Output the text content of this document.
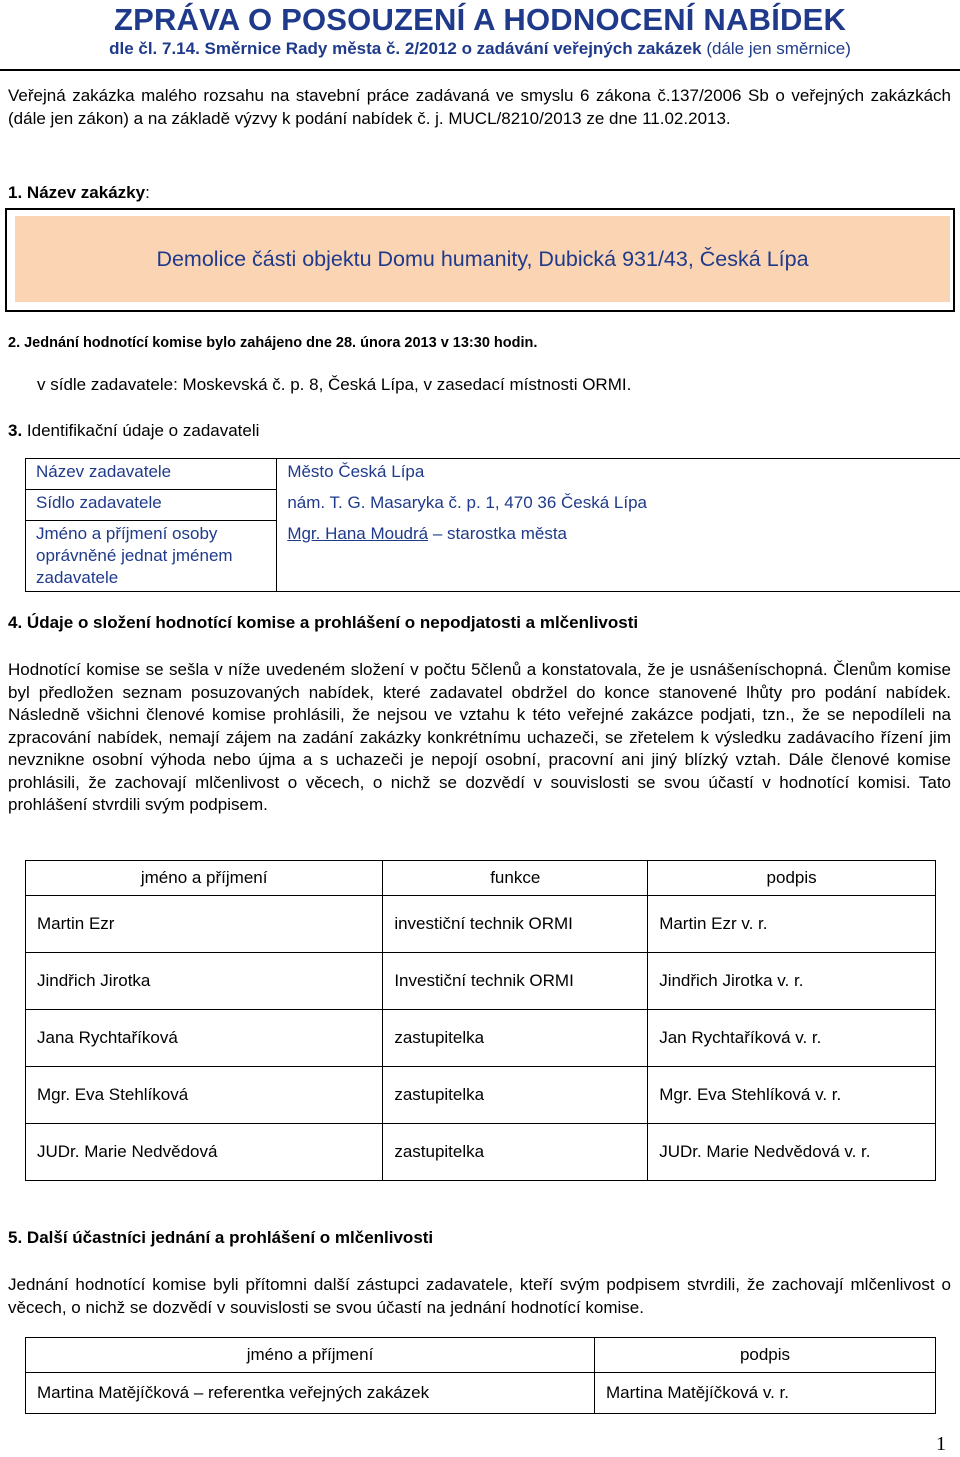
ZPRÁVA O POSOUZENÍ A HODNOCENÍ NABÍDEK
dle čl. 7.14. Směrnice Rady města č. 2/2012 o zadávání veřejných zakázek (dále jen směrnice)
Veřejná zakázka malého rozsahu na stavební práce zadávaná ve smyslu 6 zákona č.137/2006 Sb o veřejných zakázkách (dále jen zákon) a na základě výzvy k podání nabídek č. j. MUCL/8210/2013 ze dne 11.02.2013.
1. Název zakázky:
Demolice části objektu Domu humanity, Dubická 931/43, Česká Lípa
2. Jednání hodnotící komise bylo zahájeno dne 28. února 2013 v 13:30 hodin.
v sídle zadavatele: Moskevská č. p. 8, Česká Lípa, v zasedací místnosti ORMI.
3. Identifikační údaje o zadavateli
Název zadavatele	Město Česká Lípa
Sídlo zadavatele	nám. T. G. Masaryka č. p. 1, 470 36 Česká Lípa
Jméno a příjmení osoby oprávněné jednat jménem zadavatele	Mgr. Hana Moudrá – starostka města
4. Údaje o složení hodnotící komise a prohlášení o nepodjatosti a mlčenlivosti
Hodnotící komise se sešla v níže uvedeném složení v počtu 5členů a konstatovala, že je usnášeníschopná. Členům komise byl předložen seznam posuzovaných nabídek, které zadavatel obdržel do konce stanovené lhůty pro podání nabídek. Následně všichni členové komise prohlásili, že nejsou ve vztahu k této veřejné zakázce podjati, tzn., že se nepodíleli na zpracování nabídek, nemají zájem na zadání zakázky konkrétnímu uchazeči, se zřetelem k výsledku zadávacího řízení jim nevznikne osobní výhoda nebo újma a s uchazeči je nepojí osobní, pracovní ani jiný blízký vztah. Dále členové komise prohlásili, že zachovají mlčenlivost o věcech, o nichž se dozvědí v souvislosti se svou účastí v hodnotící komisi. Tato prohlášení stvrdili svým podpisem.
jméno a příjmení	funkce	podpis
Martin Ezr	investiční technik ORMI	Martin Ezr v. r.
Jindřich Jirotka	Investiční technik ORMI	Jindřich Jirotka v. r.
Jana Rychtaříková	zastupitelka	Jan Rychtaříková v. r.
Mgr. Eva Stehlíková	zastupitelka	Mgr. Eva Stehlíková v. r.
JUDr. Marie Nedvědová	zastupitelka	JUDr. Marie Nedvědová v. r.
5. Další účastníci jednání a prohlášení o mlčenlivosti
Jednání hodnotící komise byli přítomni další zástupci zadavatele, kteří svým podpisem stvrdili, že zachovají mlčenlivost o věcech, o nichž se dozvědí v souvislosti se svou účastí na jednání hodnotící komise.
jméno a příjmení	podpis
Martina Matějíčková – referentka veřejných zakázek	Martina Matějíčková v. r.
1
